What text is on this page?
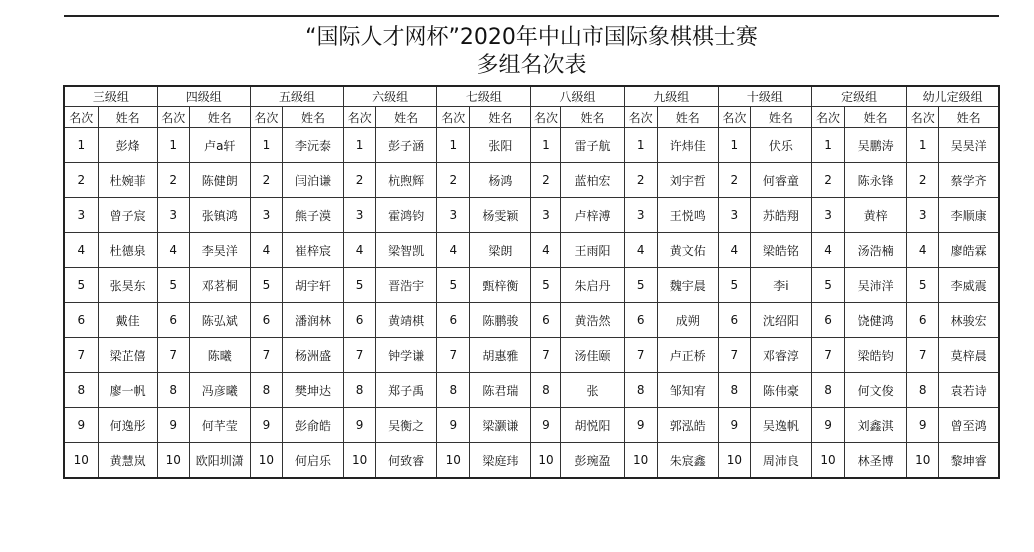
“国际人才网杯”2020年中山市国际象棋棋士赛
多组名次表
三级组		四级组		五级组		六级组		七级组		八级组		九级组		十级组		定级组		幼儿定级组	
名次	姓名	名次	姓名	名次	姓名	名次	姓名	名次	姓名	名次	姓名	名次	姓名	名次	姓名	名次	姓名	名次	姓名
1	彭烽	1	卢a轩	1	李沅泰	1	彭子涵	1	张阳	1	雷子航	1	许炜佳	1	伏乐	1	吴鹏涛	1	吴昊洋
2	杜婉菲	2	陈健朗	2	闫泊谦	2	杭煦辉	2	杨鸿	2	蓝柏宏	2	刘宇哲	2	何睿童	2	陈永锋	2	蔡学齐
3	曾子宸	3	张镇鸿	3	熊子漠	3	霍鸿钧	3	杨雯颖	3	卢梓溥	3	王悦鸣	3	苏皓翔	3	黄梓	3	李顺康
4	杜德泉	4	李昊洋	4	崔梓宸	4	梁智凯	4	梁朗	4	王雨阳	4	黄文佑	4	梁皓铭	4	汤浩楠	4	廖皓霖
5	张昊东	5	邓茗桐	5	胡宇轩	5	晋浩宇	5	甄梓衡	5	朱启丹	5	魏宇晨	5	李i	5	吴沛洋	5	李威震
6	戴佳	6	陈弘斌	6	潘润林	6	黄靖棋	6	陈鹏骏	6	黄浩然	6	成朔	6	沈绍阳	6	饶健鸿	6	林骏宏
7	梁芷僖	7	陈曦	7	杨洲盛	7	钟学谦	7	胡惠雅	7	汤佳颐	7	卢正桥	7	邓睿淳	7	梁皓钧	7	莫梓晨
8	廖一帆	8	冯彦曦	8	樊坤达	8	郑子禹	8	陈君瑞	8	张	8	邹知宥	8	陈伟豪	8	何文俊	8	袁若诗
9	何逸彤	9	何芊莹	9	彭俞皓	9	吴衡之	9	梁灏谦	9	胡悦阳	9	郭泓皓	9	吴逸帆	9	刘鑫淇	9	曾至鸿
10	黄慧岚	10	欧阳圳潇	10	何启乐	10	何致睿	10	梁庭玮	10	彭琬盈	10	朱宸鑫	10	周沛良	10	林圣博	10	黎坤睿
